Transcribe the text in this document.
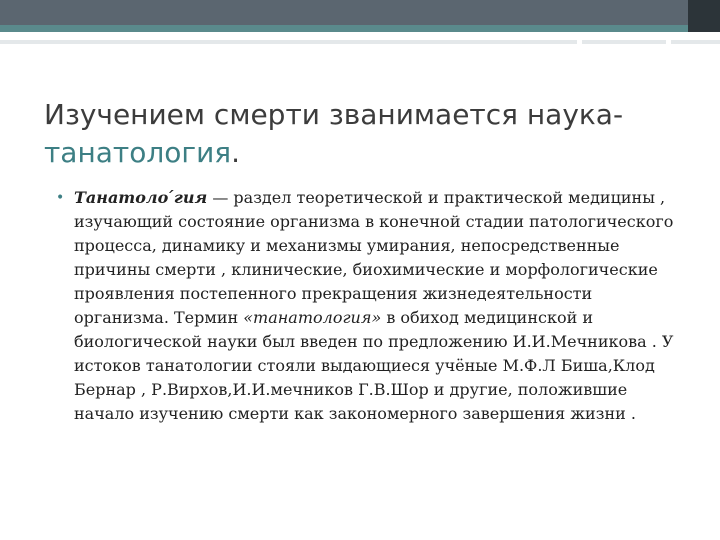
Изучением смерти званимается наука-
танатология.
• Танатоло ́гия — раздел теоретической и практической медицины , изучающий состояние организма в конечной стадии патологического процесса, динамику и механизмы умирания, непосредственные причины смерти , клинические, биохимические и морфологические проявления постепенного прекращения жизнедеятельности организма. Термин «танатология» в обиход медицинской и биологической науки был введен по предложению И.И.Мечникова . У истоков танатологии стояли выдающиеся учёные М.Ф.Л Биша,Клод Бернар , Р.Вирхов,И.И.мечников Г.В.Шор и другие, положившие начало изучению смерти как закономерного завершения жизни .
